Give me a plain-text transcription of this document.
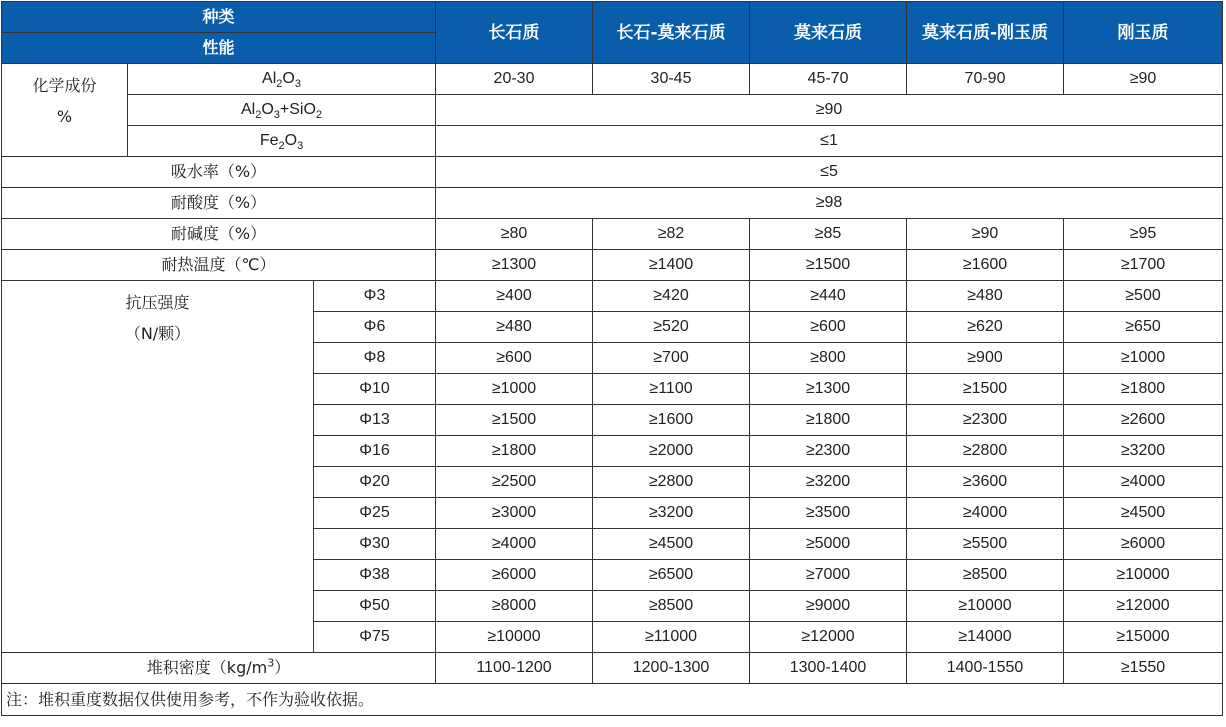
种类			长石质	长石-莫来石质	莫来石质	莫来石质-刚玉质	刚玉质
性能							
化学成份
%	$Al_2O_3$		20-30	30-45	45-70	70-90	≥90
	$Al_2O_3+SiO_2$		≥90				
	$Fe_2O_3$		≤1				
吸水率（%）			≤5				
耐酸度（%）			≥98				
耐碱度（%）			≥80	≥82	≥85	≥90	≥95
耐热温度（℃）			≥1300	≥1400	≥1500	≥1600	≥1700
抗压强度
（N/颗）		Φ3	≥400	≥420	≥440	≥480	≥500
		Φ6	≥480	≥520	≥600	≥620	≥650
		Φ8	≥600	≥700	≥800	≥900	≥1000
		Φ10	≥1000	≥1100	≥1300	≥1500	≥1800
		Φ13	≥1500	≥1600	≥1800	≥2300	≥2600
		Φ16	≥1800	≥2000	≥2300	≥2800	≥3200
		Φ20	≥2500	≥2800	≥3200	≥3600	≥4000
		Φ25	≥3000	≥3200	≥3500	≥4000	≥4500
		Φ30	≥4000	≥4500	≥5000	≥5500	≥6000
		Φ38	≥6000	≥6500	≥7000	≥8500	≥10000
		Φ50	≥8000	≥8500	≥9000	≥10000	≥12000
		Φ75	≥10000	≥11000	≥12000	≥14000	≥15000
堆积密度$(kg/m^3)$			1100-1200	1200-1300	1300-1400	1400-1550	≥1550
注：堆积重度数据仅供使用参考，不作为验收依据。							
